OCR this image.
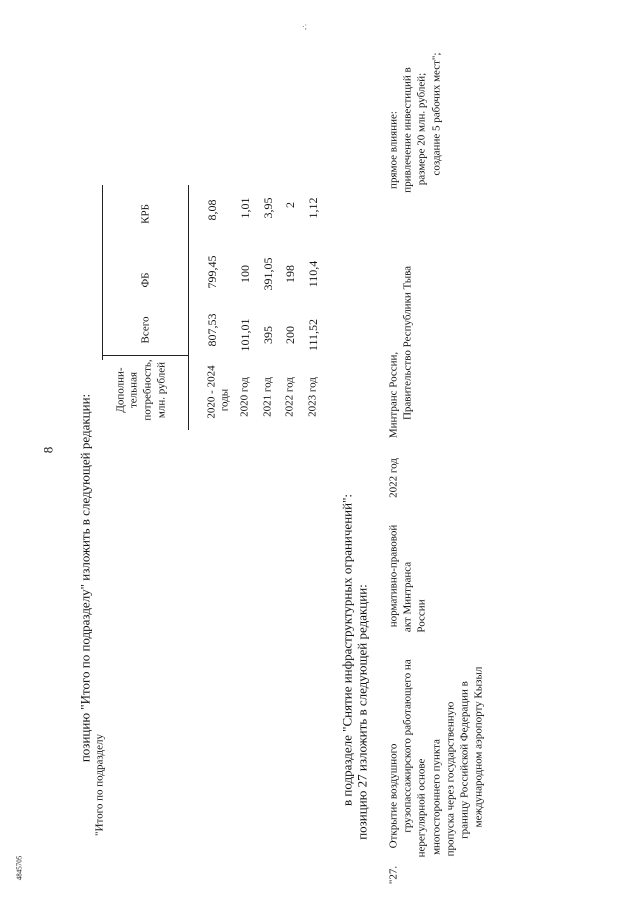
8
·;
4845705
позицию "Итого по подразделу" изложить в следующей редакции:
"Итого по подразделу
Дополни- тельная потребность, млн. рублей
Всего
ФБ
КРБ
2020 - 2024 годы
807,53
799,45
8,08
2020 год
101,01
100
1,01
2021 год
395
391,05
3,95
2022 год
200
198
2
2023 год
111,52
110,4
1,12
в подразделе "Снятие инфраструктурных ограничений": позицию 27 изложить в следующей редакции:
"27.
Открытие воздушного грузопассажирского работающего на нерегулярной основе многостороннего пункта пропуска через государственную границу Российской Федерации в международном аэропорту Кызыл
нормативно-правовой акт Минтранса России
2022 год
Минтранс России, Правительство Республики Тыва
прямое влияние: привлечение инвестиций в размере 20 млн. рублей; создание 5 рабочих мест";
